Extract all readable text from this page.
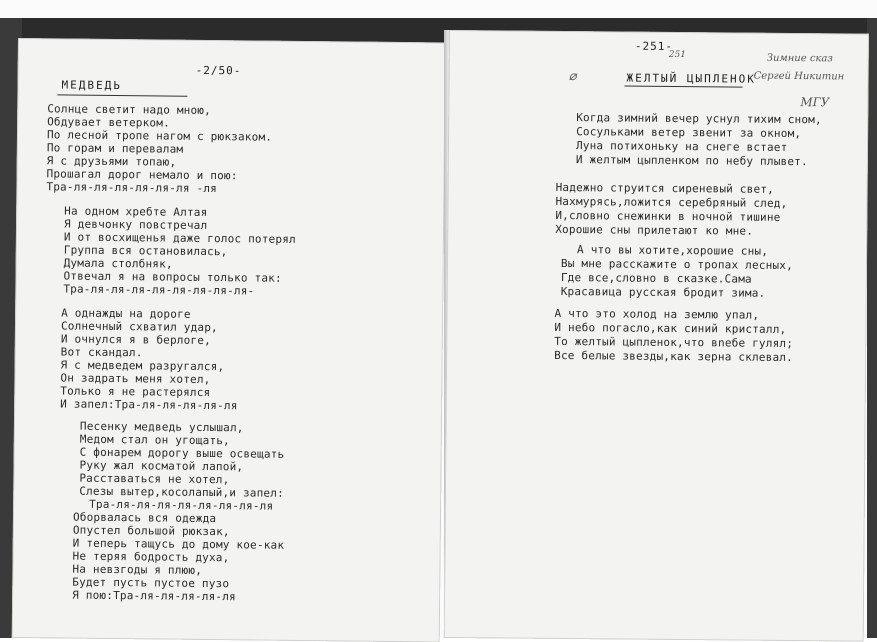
МЕДВЕДЬ
-2/50-
Солнце светит надо мною,
Обдувает ветерком.
По лесной тропе нагом с рюкзаком.
По горам и перевалам
Я с друзьями топаю,
Прошагал дорог немало и пою:
Тра-ля-ля-ля-ля-ля-ля -ля
На одном хребте Алтая
Я девчонку повстречал
И от восхищенья даже голос потерял
Группа вся остановилась,
Думала столбняк,
Отвечал я на вопросы только так:
Тра-ля-ля-ля-ля-ля-ля-ля-ля-
А однажды на дороге
Солнечный схватил удар,
И очнулся я в берлоге,
Вот скандал.
Я с медведем разругался,
Он задрать меня хотел,
Только я не растерялся
И запел:Тра-ля-ля-ля-ля-ля
Песенку медведь услышал,
Медом стал он угощать,
С фонарем дорогу выше освещать
Руку жал косматой лапой,
Расставаться не хотел,
Слезы вытер,косолапый,и запел:
Тра-ля-ля-ля-ля-ля-ля-ля-ля
Оборвалась вся одежда
Опустел большой рюкзак,
И теперь тащусь до дому кое-как
Не теряя бодрость духа,
На невзгоды я плюю,
Будет пусть пустое пузо
Я пою:Тра-ля-ля-ля-ля-ля
-251-
251
ЖЕЛТЫЙ ЦЫПЛЕНОК
⌀
Зимние сказ
Сергей Никитин
МГУ
Когда зимний вечер уснул тихим сном,
Сосульками ветер звенит за окном,
Луна потихоньку на снеге встает
И желтым цыпленком по небу плывет.
Надежно струится сиреневый свет,
Нахмурясь,ложится серебряный след,
И,словно снежинки в ночной тишине
Хорошие сны прилетают ко мне.
А что вы хотите,хорошие сны,
Вы мне расскажите о тропах лесных,
Где все,словно в сказке.Сама
Красавица русская бродит зима.
А что это холод на землю упал,
И небо погасло,как синий кристалл,
То желтый цыпленок,что вnебе гулял;
Все белые звезды,как зерна склевал.
